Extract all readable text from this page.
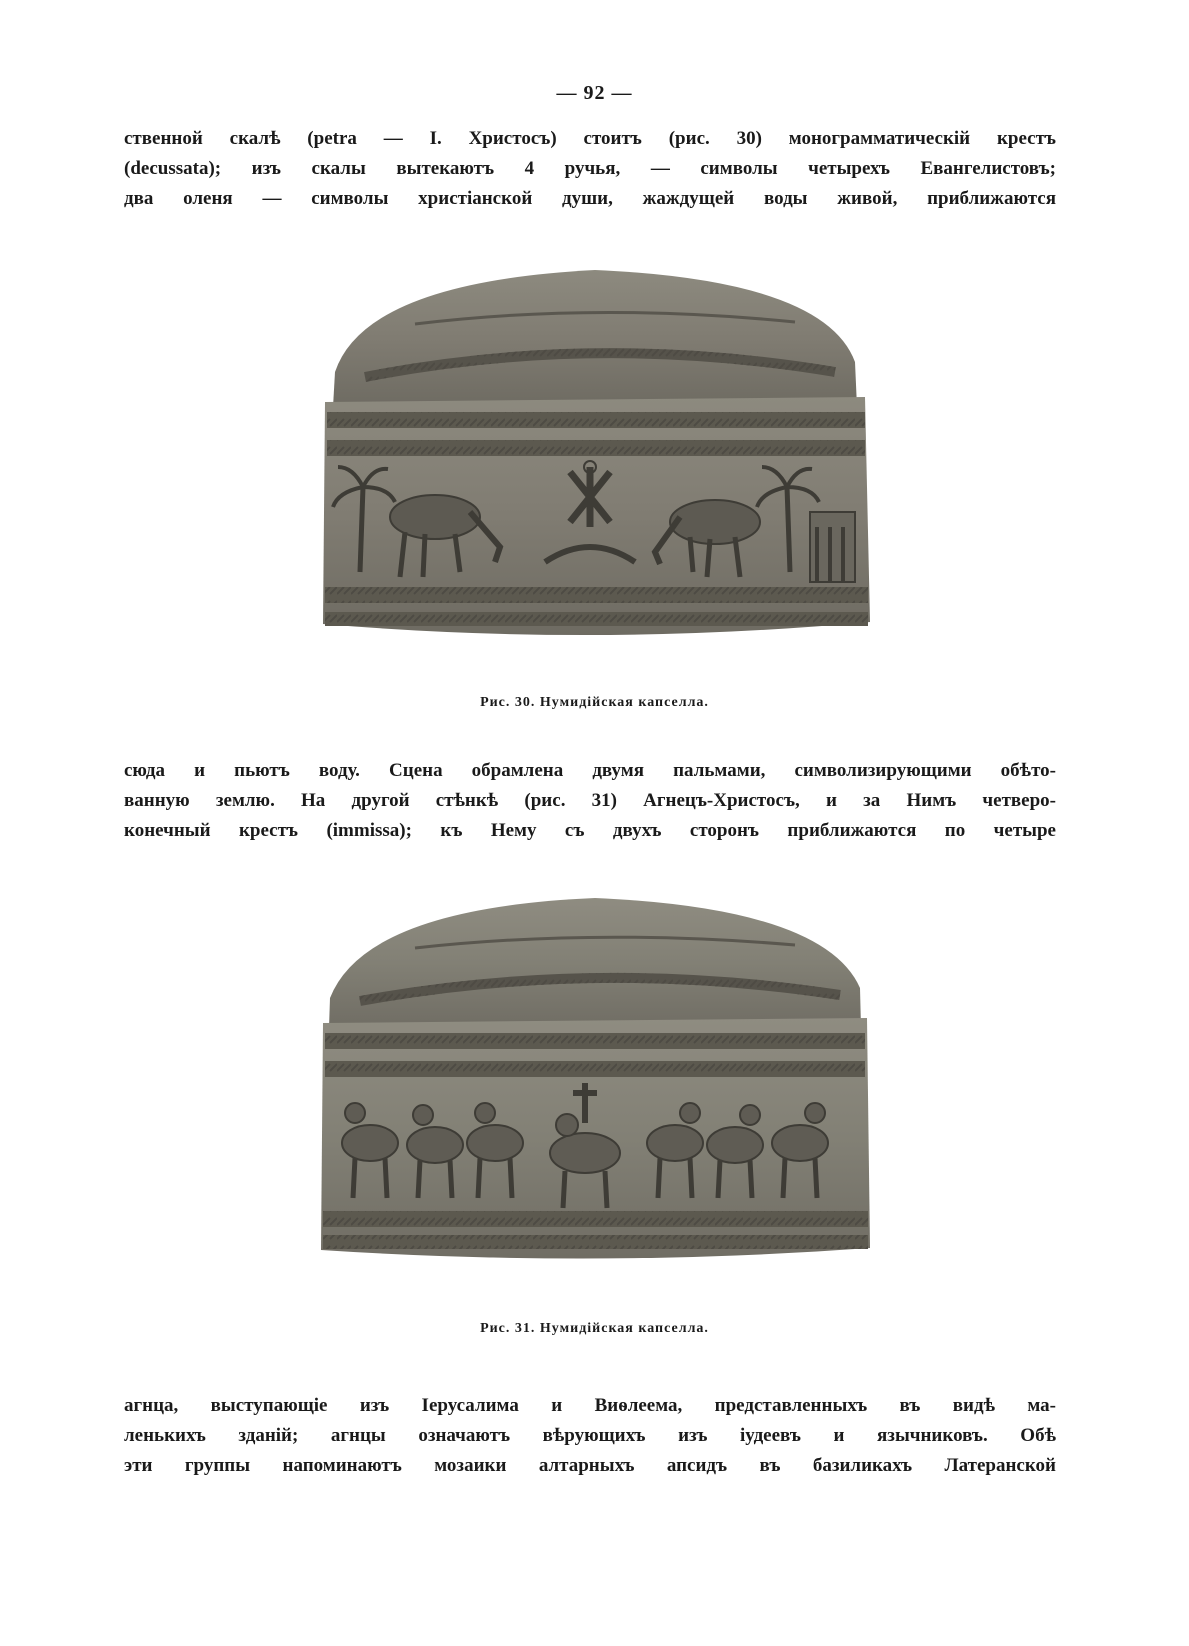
— 92 —
ственной скалѣ (petra — І. Христосъ) стоитъ (рис. 30) монограмматическій крестъ
(decussata); изъ скалы вытекаютъ 4 ручья, — символы четырехъ Евангелистовъ;
два оленя — символы христіанской души, жаждущей воды живой, приближаются
Рис. 30. Нумидійская капселла.
сюда и пьютъ воду. Сцена обрамлена двумя пальмами, символизирующими обѣто-
ванную землю. На другой стѣнкѣ (рис. 31) Агнецъ-Христосъ, и за Нимъ четверо-
конечный крестъ (immissa); къ Нему съ двухъ сторонъ приближаются по четыре
Рис. 31. Нумидійская капселла.
агнца, выступающіе изъ Іерусалима и Виѳлеема, представленныхъ въ видѣ ма-
ленькихъ зданій; агнцы означаютъ вѣрующихъ изъ іудеевъ и язычниковъ. Обѣ
эти группы напоминаютъ мозаики алтарныхъ апсидъ въ базиликахъ Латеранской
